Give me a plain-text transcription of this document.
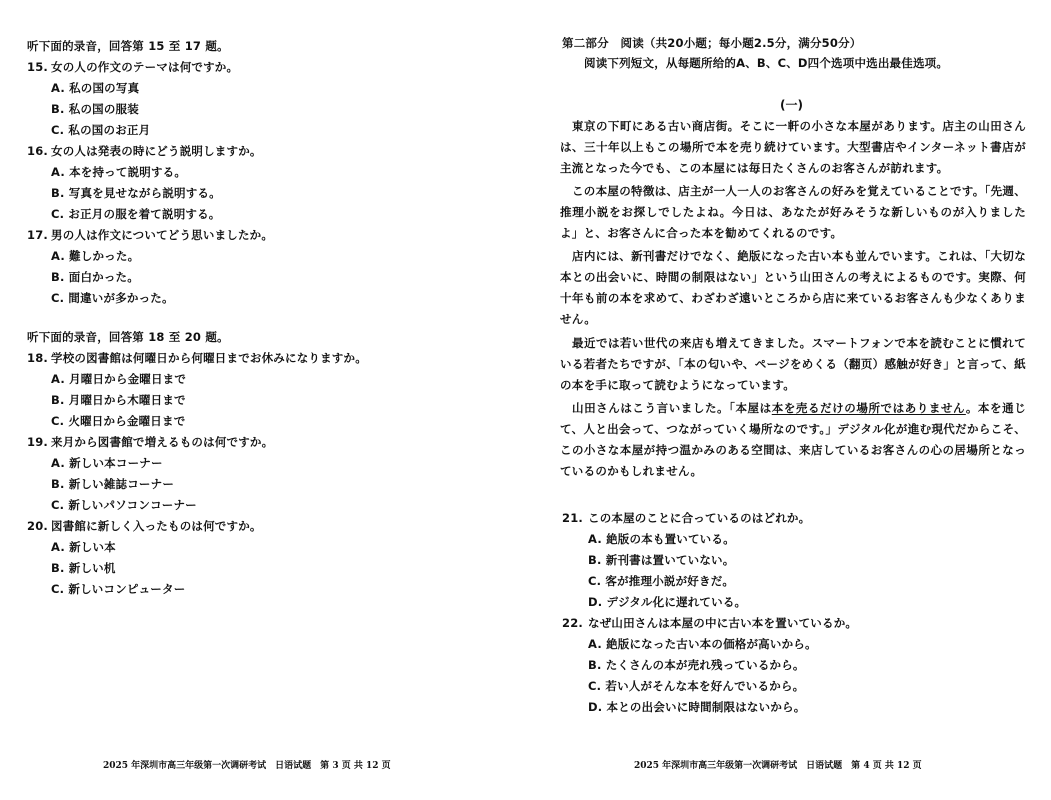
听下面的录音，回答第 15 至 17 题。
15. 女の人の作文のテーマは何ですか。
A. 私の国の写真
B. 私の国の服装
C. 私の国のお正月
16. 女の人は発表の時にどう説明しますか。
A. 本を持って説明する。
B. 写真を見せながら説明する。
C. お正月の服を着て説明する。
17. 男の人は作文についてどう思いましたか。
A. 難しかった。
B. 面白かった。
C. 間違いが多かった。
听下面的录音，回答第 18 至 20 题。
18. 学校の図書館は何曜日から何曜日までお休みになりますか。
A. 月曜日から金曜日まで
B. 月曜日から木曜日まで
C. 火曜日から金曜日まで
19. 来月から図書館で増えるものは何ですか。
A. 新しい本コーナー
B. 新しい雑誌コーナー
C. 新しいパソコンコーナー
20. 図書館に新しく入ったものは何ですか。
A. 新しい本
B. 新しい机
C. 新しいコンピューター
2025 年深圳市高三年级第一次调研考试　日语试题　第 3 页 共 12 页
第二部分　阅读（共20小题；每小题2.5分，满分50分）
阅读下列短文，从每题所给的A、B、C、D四个选项中选出最佳选项。
(一)
東京の下町にある古い商店街。そこに一軒の小さな本屋があります。店主の山田さんは、三十年以上もこの場所で本を売り続けています。大型書店やインターネット書店が主流となった今でも、この本屋には毎日たくさんのお客さんが訪れます。
この本屋の特徴は、店主が一人一人のお客さんの好みを覚えていることです。「先週、推理小説をお探しでしたよね。今日は、あなたが好みそうな新しいものが入りましたよ」と、お客さんに合った本を勧めてくれるのです。
店内には、新刊書だけでなく、絶版になった古い本も並んでいます。これは、「大切な本との出会いに、時間の制限はない」という山田さんの考えによるものです。実際、何十年も前の本を求めて、わざわざ遠いところから店に来ているお客さんも少なくありません。
最近では若い世代の来店も増えてきました。スマートフォンで本を読むことに慣れている若者たちですが、「本の匂いや、ページをめくる（翻页）感触が好き」と言って、紙の本を手に取って読むようになっています。
山田さんはこう言いました。「本屋は本を売るだけの場所ではありません。本を通じて、人と出会って、つながっていく場所なのです。」デジタル化が進む現代だからこそ、この小さな本屋が持つ温かみのある空間は、来店しているお客さんの心の居場所となっているのかもしれません。
21. この本屋のことに合っているのはどれか。
A. 絶版の本も置いている。
B. 新刊書は置いていない。
C. 客が推理小説が好きだ。
D. デジタル化に遅れている。
22. なぜ山田さんは本屋の中に古い本を置いているか。
A. 絶版になった古い本の価格が高いから。
B. たくさんの本が売れ残っているから。
C. 若い人がそんな本を好んでいるから。
D. 本との出会いに時間制限はないから。
2025 年深圳市高三年级第一次调研考试　日语试题　第 4 页 共 12 页
